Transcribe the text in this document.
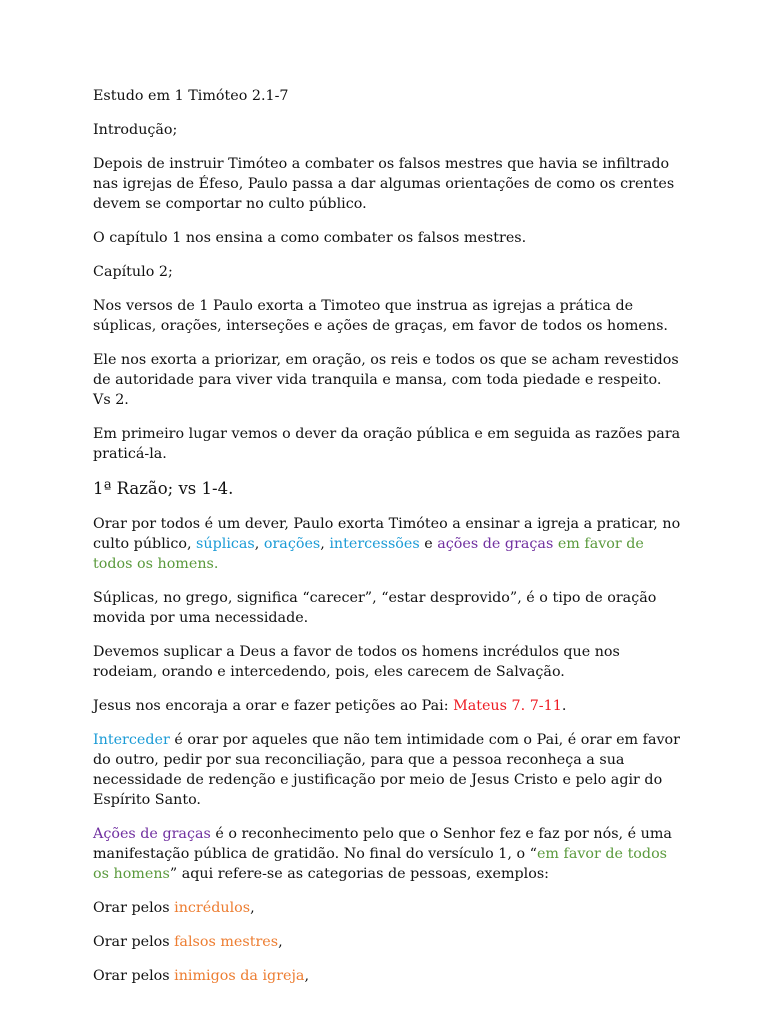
Estudo em 1 Timóteo 2.1-7

Introdução;

Depois de instruir Timóteo a combater os falsos mestres que havia se infiltrado nas igrejas de Éfeso, Paulo passa a dar algumas orientações de como os crentes devem se comportar no culto público.

O capítulo 1 nos ensina a como combater os falsos mestres.

Capítulo 2;

Nos versos de 1 Paulo exorta a Timoteo que instrua as igrejas a prática de súplicas, orações, interseções e ações de graças, em favor de todos os homens.

Ele nos exorta a priorizar, em oração, os reis e todos os que se acham revestidos de autoridade para viver vida tranquila e mansa, com toda piedade e respeito. Vs 2.

Em primeiro lugar vemos o dever da oração pública e em seguida as razões para praticá-la.

1ª Razão; vs 1-4.

Orar por todos é um dever, Paulo exorta Timóteo a ensinar a igreja a praticar, no culto público, súplicas, orações, intercessões e ações de graças em favor de todos os homens.

Súplicas, no grego, significa “carecer”, “estar desprovido”, é o tipo de oração movida por uma necessidade.

Devemos suplicar a Deus a favor de todos os homens incrédulos que nos rodeiam, orando e intercedendo, pois, eles carecem de Salvação.

Jesus nos encoraja a orar e fazer petições ao Pai: Mateus 7. 7-11.

Interceder é orar por aqueles que não tem intimidade com o Pai, é orar em favor do outro, pedir por sua reconciliação, para que a pessoa reconheça a sua necessidade de redenção e justificação por meio de Jesus Cristo e pelo agir do Espírito Santo.

Ações de graças é o reconhecimento pelo que o Senhor fez e faz por nós, é uma manifestação pública de gratidão. No final do versículo 1, o “em favor de todos os homens” aqui refere-se as categorias de pessoas, exemplos:

Orar pelos incrédulos,

Orar pelos falsos mestres,

Orar pelos inimigos da igreja,
